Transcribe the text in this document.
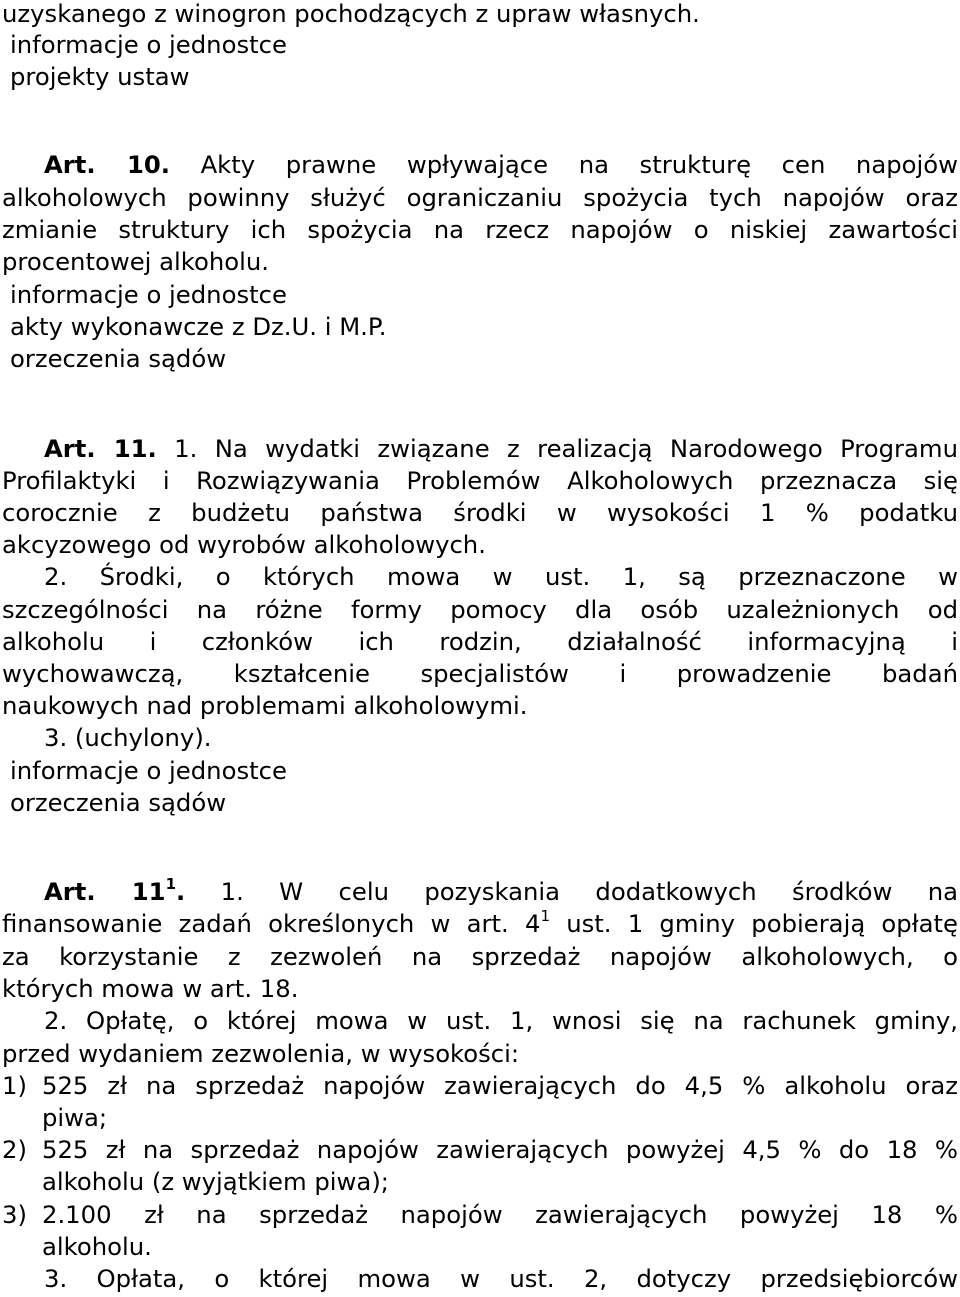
uzyskanego z winogron pochodzących z upraw własnych.
informacje o jednostce
projekty ustaw
Art. 10. Akty prawne wpływające na strukturę cen napojów
alkoholowych powinny służyć ograniczaniu spożycia tych napojów oraz
zmianie struktury ich spożycia na rzecz napojów o niskiej zawartości
procentowej alkoholu.
informacje o jednostce
akty wykonawcze z Dz.U. i M.P.
orzeczenia sądów
Art. 11. 1. Na wydatki związane z realizacją Narodowego Programu
Profilaktyki i Rozwiązywania Problemów Alkoholowych przeznacza się
corocznie z budżetu państwa środki w wysokości 1 % podatku
akcyzowego od wyrobów alkoholowych.
2. Środki, o których mowa w ust. 1, są przeznaczone w
szczególności na różne formy pomocy dla osób uzależnionych od
alkoholu i członków ich rodzin, działalność informacyjną i
wychowawczą, kształcenie specjalistów i prowadzenie badań
naukowych nad problemami alkoholowymi.
3. (uchylony).
informacje o jednostce
orzeczenia sądów
Art. $11^1$. 1. W celu pozyskania dodatkowych środków na
finansowanie zadań określonych w art. $4^1$ ust. 1 gminy pobierają opłatę
za korzystanie z zezwoleń na sprzedaż napojów alkoholowych, o
których mowa w art. 18.
2. Opłatę, o której mowa w ust. 1, wnosi się na rachunek gminy,
przed wydaniem zezwolenia, w wysokości:
1) 525 zł na sprzedaż napojów zawierających do 4,5 % alkoholu oraz
piwa;
2) 525 zł na sprzedaż napojów zawierających powyżej 4,5 % do 18 %
alkoholu (z wyjątkiem piwa);
3) 2.100 zł na sprzedaż napojów zawierających powyżej 18 %
alkoholu.
3. Opłata, o której mowa w ust. 2, dotyczy przedsiębiorców
